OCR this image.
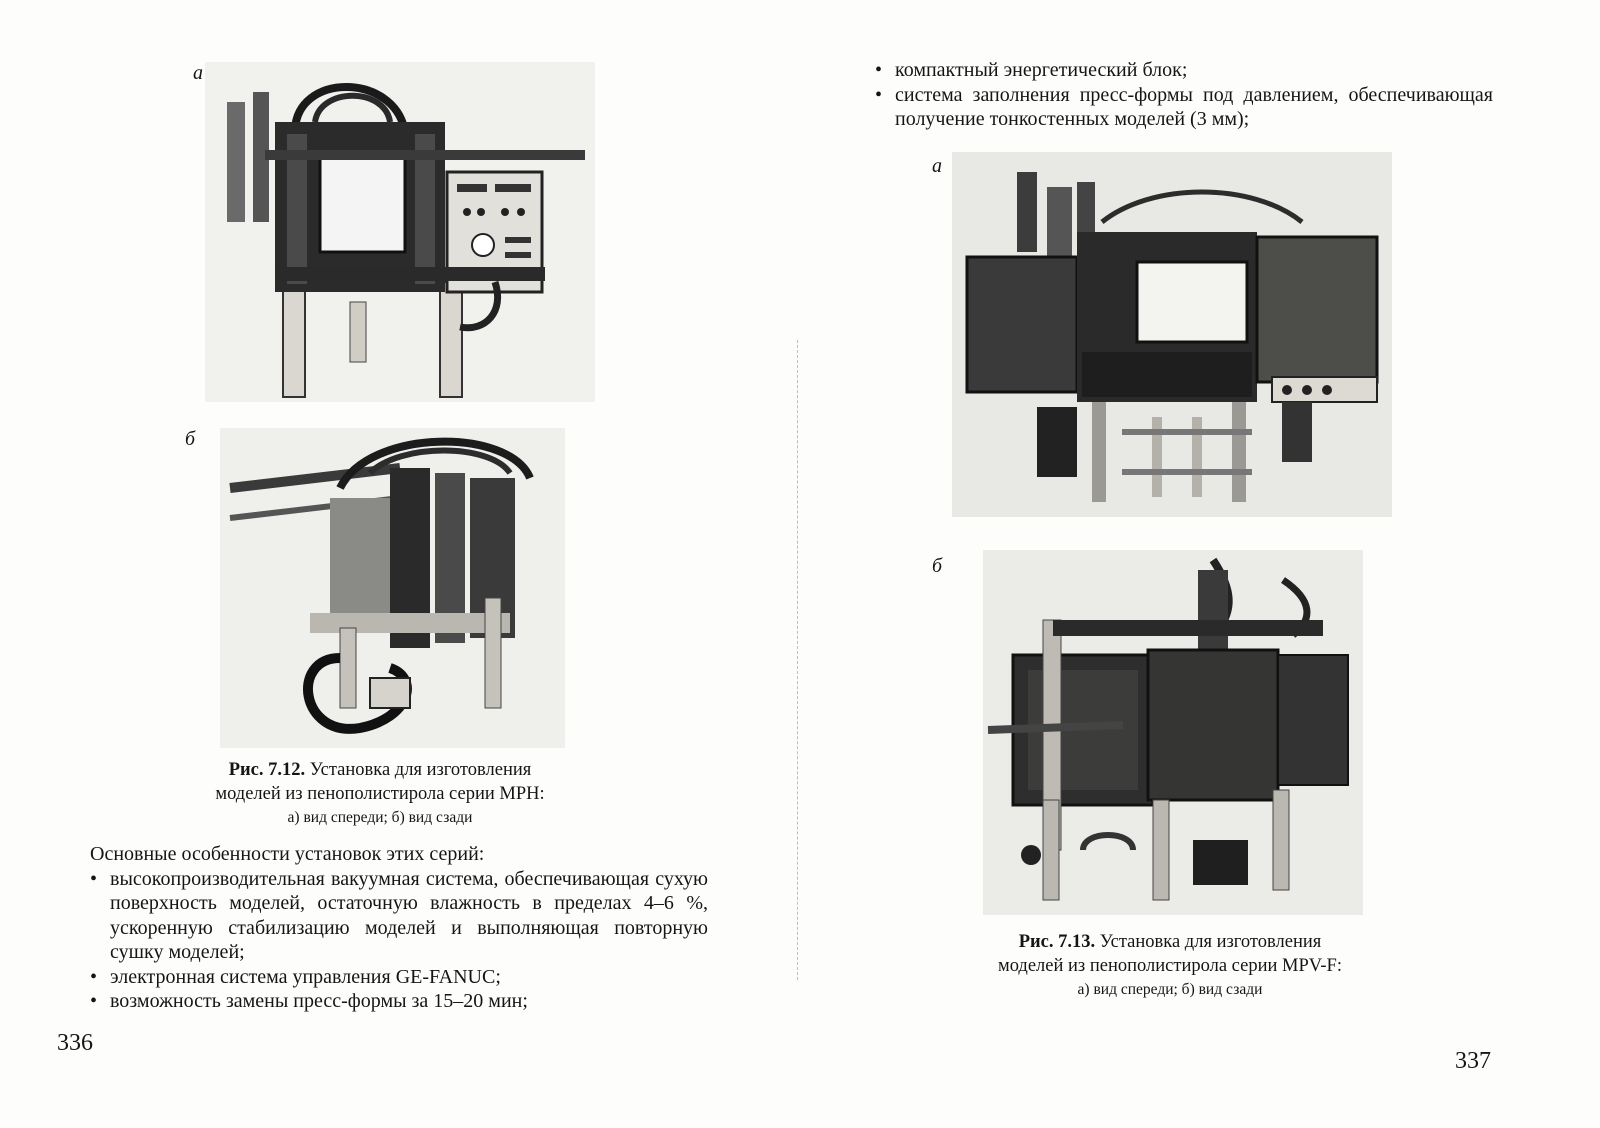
а
б
Рис. 7.12. Установка для изготовления
моделей из пенополистирола серии MPH:
а) вид спереди; б) вид сзади
Основные особенности установок этих серий:
• высокопроизводительная вакуумная система, обеспечивающая сухую поверхность моделей, остаточную влажность в пределах 4–6 %, ускоренную стабилизацию моделей и выполняющая повторную сушку моделей;
• электронная система управления GE-FANUC;
• возможность замены пресс-формы за 15–20 мин;
336
• компактный энергетический блок;
• система заполнения пресс-формы под давлением, обеспечивающая получение тонкостенных моделей (3 мм);
а
б
Рис. 7.13. Установка для изготовления
моделей из пенополистирола серии MPV-F:
а) вид спереди; б) вид сзади
337
